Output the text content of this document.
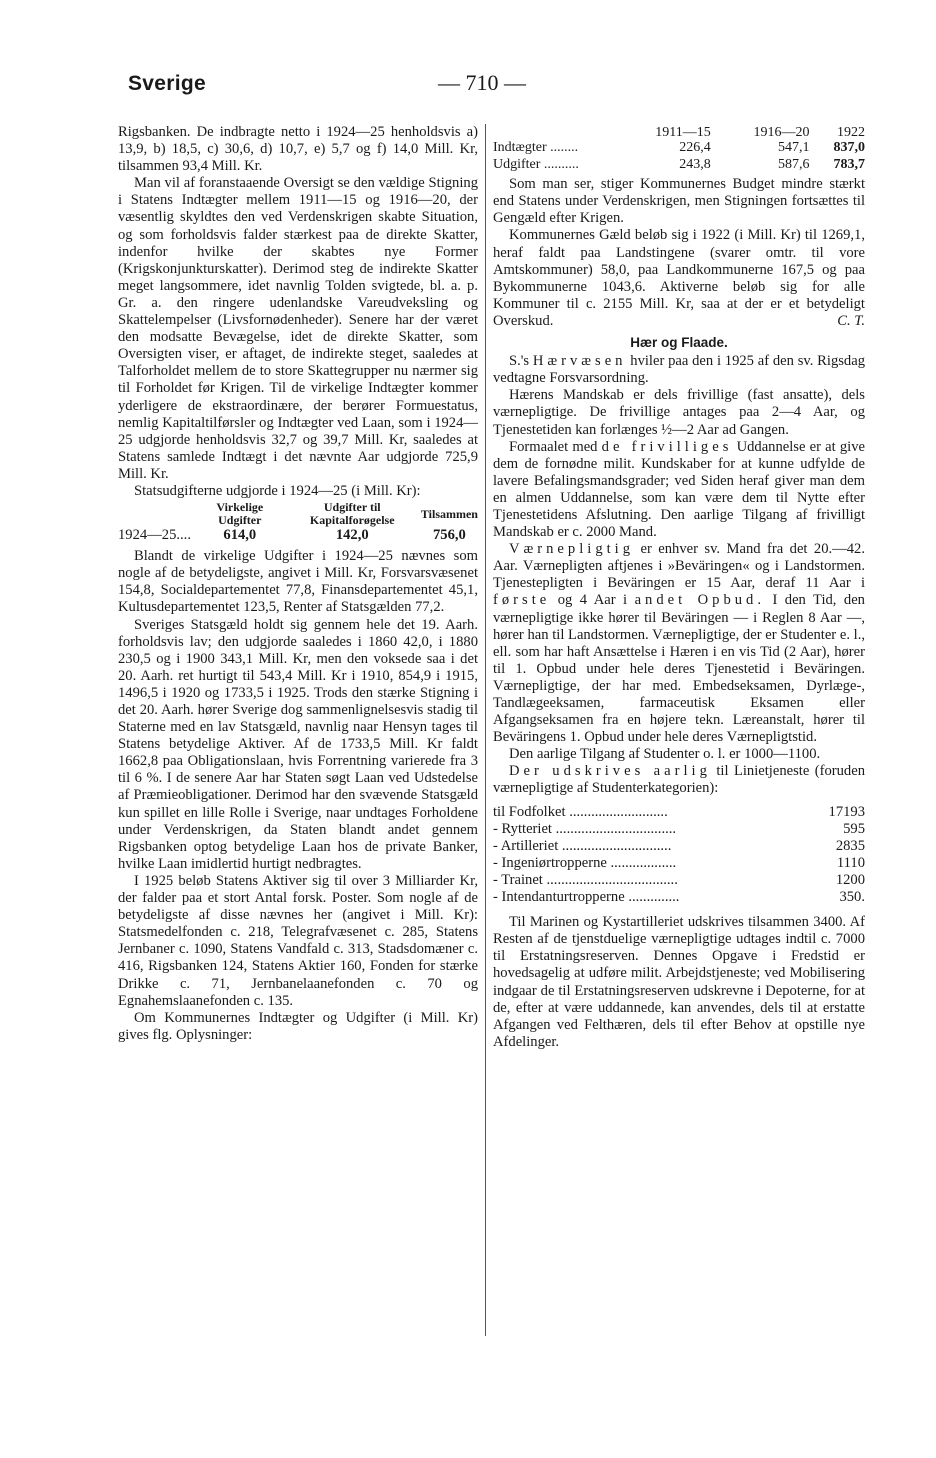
Sverige	— 710 —

Rigsbanken. De indbragte netto i 1924—25 henholdsvis a) 13,9, b) 18,5, c) 30,6, d) 10,7, e) 5,7 og f) 14,0 Mill. Kr, tilsammen 93,4 Mill. Kr.

Man vil af foranstaaende Oversigt se den vældige Stigning i Statens Indtægter mellem 1911—15 og 1916—20, der væsentlig skyldtes den ved Verdenskrigen skabte Situation, og som forholdsvis falder stærkest paa de direkte Skatter, indenfor hvilke der skabtes nye Former (Krigskonjunkturskatter). Derimod steg de indirekte Skatter meget langsommere, idet navnlig Tolden svigtede, bl. a. p. Gr. a. den ringere udenlandske Vareudveksling og Skattelempelser (Livsfornødenheder). Senere har der været den modsatte Bevægelse, idet de direkte Skatter, som Oversigten viser, er aftaget, de indirekte steget, saaledes at Talforholdet mellem de to store Skattegrupper nu nærmer sig til Forholdet før Krigen. Til de virkelige Indtægter kommer yderligere de ekstraordinære, der berører Formuestatus, nemlig Kapitaltilførsler og Indtægter ved Laan, som i 1924—25 udgjorde henholdsvis 32,7 og 39,7 Mill. Kr, saaledes at Statens samlede Indtægt i det nævnte Aar udgjorde 725,9 Mill. Kr.

Statsudgifterne udgjorde i 1924—25 (i Mill. Kr):

	Virkelige Udgifter	Udgifter til Kapitalforøgelse	Tilsammen
1924—25....	614,0	142,0	756,0

Blandt de virkelige Udgifter i 1924—25 nævnes som nogle af de betydeligste, angivet i Mill. Kr, Forsvarsvæsenet 154,8, Socialdepartementet 77,8, Finansdepartementet 45,1, Kultusdepartementet 123,5, Renter af Statsgælden 77,2.

Sveriges Statsgæld holdt sig gennem hele det 19. Aarh. forholdsvis lav; den udgjorde saaledes i 1860 42,0, i 1880 230,5 og i 1900 343,1 Mill. Kr, men den voksede saa i det 20. Aarh. ret hurtigt til 543,4 Mill. Kr i 1910, 854,9 i 1915, 1496,5 i 1920 og 1733,5 i 1925. Trods den stærke Stigning i det 20. Aarh. hører Sverige dog sammenlignelsesvis stadig til Staterne med en lav Statsgæld, navnlig naar Hensyn tages til Statens betydelige Aktiver. Af de 1733,5 Mill. Kr faldt 1662,8 paa Obligationslaan, hvis Forrentning varierede fra 3 til 6 %. I de senere Aar har Staten søgt Laan ved Udstedelse af Præmieobligationer. Derimod har den svævende Statsgæld kun spillet en lille Rolle i Sverige, naar undtages Forholdene under Verdenskrigen, da Staten blandt andet gennem Rigsbanken optog betydelige Laan hos de private Banker, hvilke Laan imidlertid hurtigt nedbragtes.

I 1925 beløb Statens Aktiver sig til over 3 Milliarder Kr, der falder paa et stort Antal forsk. Poster. Som nogle af de betydeligste af disse nævnes her (angivet i Mill. Kr): Statsmedelfonden c. 218, Telegrafvæsenet c. 285, Statens Jernbaner c. 1090, Statens Vandfald c. 313, Stadsdomæner c. 416, Rigsbanken 124, Statens Aktier 160, Fonden for stærke Drikke c. 71, Jernbanelaanefonden c. 70 og Egnahemslaanefonden c. 135.

Om Kommunernes Indtægter og Udgifter (i Mill. Kr) gives flg. Oplysninger:

	1911—15	1916—20	1922
Indtægter ........	226,4	547,1	837,0
Udgifter ..........	243,8	587,6	783,7

Som man ser, stiger Kommunernes Budget mindre stærkt end Statens under Verdenskrigen, men Stigningen fortsættes til Gengæld efter Krigen.

Kommunernes Gæld beløb sig i 1922 (i Mill. Kr) til 1269,1, heraf faldt paa Landstingene (svarer omtr. til vore Amtskommuner) 58,0, paa Landkommunerne 167,5 og paa Bykommunerne 1043,6. Aktiverne beløb sig for alle Kommuner til c. 2155 Mill. Kr, saa at der er et betydeligt Overskud.	C. T.

Hær og Flaade.

S.'s Hærvæsen hviler paa den i 1925 af den sv. Rigsdag vedtagne Forsvarsordning.

Hærens Mandskab er dels frivillige (fast ansatte), dels værnepligtige. De frivillige antages paa 2—4 Aar, og Tjenestetiden kan forlænges ½—2 Aar ad Gangen.

Formaalet med de frivilliges Uddannelse er at give dem de fornødne milit. Kundskaber for at kunne udfylde de lavere Befalingsmandsgrader; ved Siden heraf giver man dem en almen Uddannelse, som kan være dem til Nytte efter Tjenestetidens Afslutning. Den aarlige Tilgang af frivilligt Mandskab er c. 2000 Mand.

Værnepligtig er enhver sv. Mand fra det 20.—42. Aar. Værnepligten aftjenes i »Beväringen« og i Landstormen. Tjenestepligten i Beväringen er 15 Aar, deraf 11 Aar i første og 4 Aar i andet Opbud. I den Tid, den værnepligtige ikke hører til Beväringen — i Reglen 8 Aar —, hører han til Landstormen. Værnepligtige, der er Studenter e. l., ell. som har haft Ansættelse i Hæren i en vis Tid (2 Aar), hører til 1. Opbud under hele deres Tjenestetid i Beväringen. Værnepligtige, der har med. Embedseksamen, Dyrlæge-, Tandlægeeksamen, farmaceutisk Eksamen eller Afgangseksamen fra en højere tekn. Læreanstalt, hører til Beväringens 1. Opbud under hele deres Værnepligtstid.

Den aarlige Tilgang af Studenter o. l. er 1000—1100.

Der udskrives aarlig til Linietjeneste (foruden værnepligtige af Studenterkategorien):

til Fodfolket ...........................	17193
- Rytteriet .................................	595
- Artilleriet ..............................	2835
- Ingeniørtropperne ..................	1110
- Trainet ....................................	1200
- Intendanturtropperne ..............	350.

Til Marinen og Kystartilleriet udskrives tilsammen 3400. Af Resten af de tjenstduelige værnepligtige udtages indtil c. 7000 til Erstatningsreserven. Dennes Opgave i Fredstid er hovedsagelig at udføre milit. Arbejdstjeneste; ved Mobilisering indgaar de til Erstatningsreserven udskrevne i Depoterne, for at de, efter at være uddannede, kan anvendes, dels til at erstatte Afgangen ved Felthæren, dels til efter Behov at opstille nye Afdelinger.
